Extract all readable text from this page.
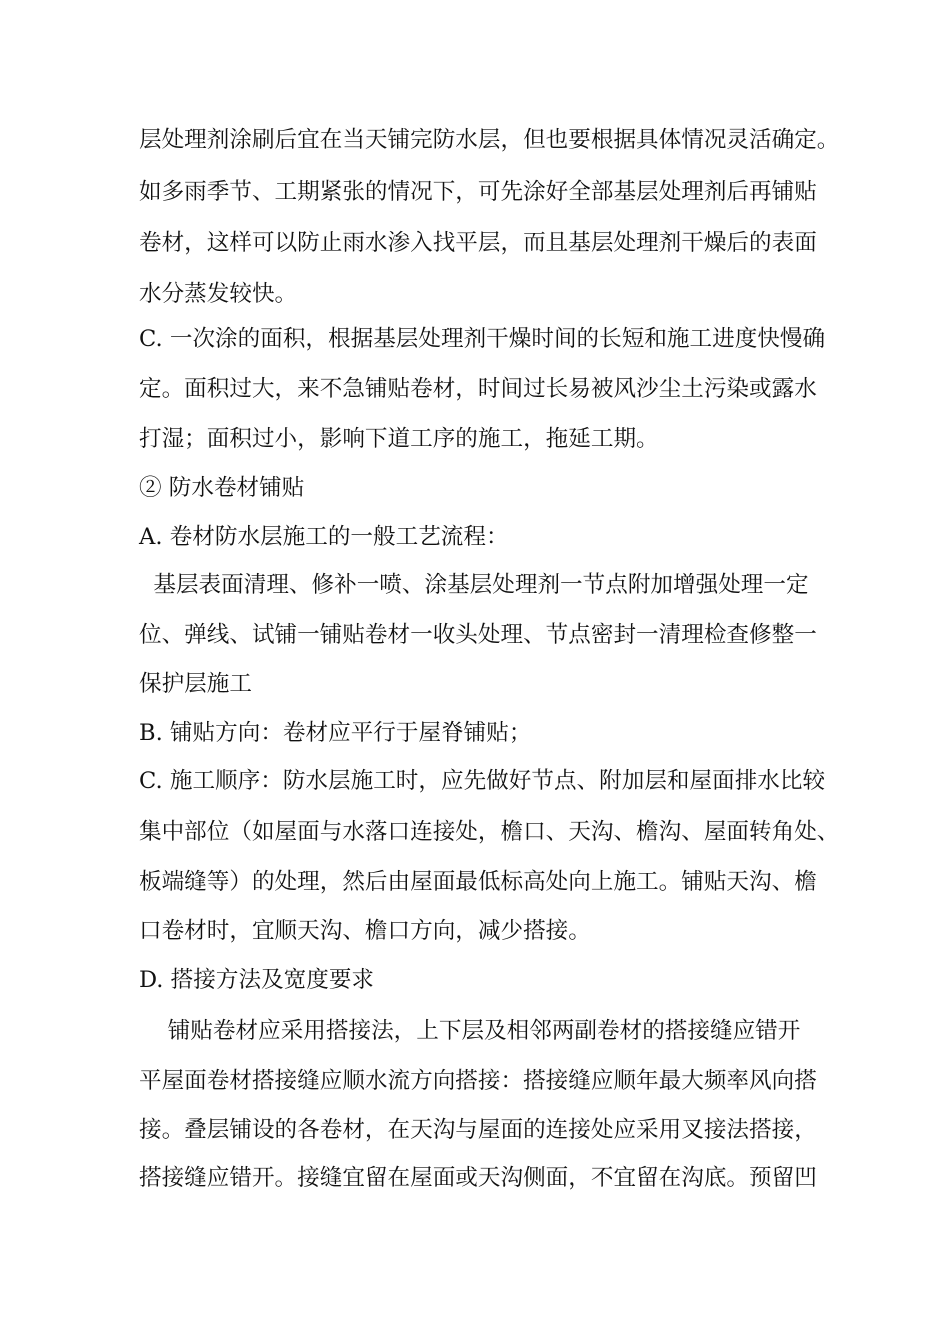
层处理剂涂刷后宜在当天铺完防水层，但也要根据具体情况灵活确定。
如多雨季节、工期紧张的情况下，可先涂好全部基层处理剂后再铺贴
卷材，这样可以防止雨水渗入找平层，而且基层处理剂干燥后的表面
水分蒸发较快。
C. 一次涂的面积，根据基层处理剂干燥时间的长短和施工进度快慢确
定。面积过大，来不急铺贴卷材，时间过长易被风沙尘土污染或露水
打湿；面积过小，影响下道工序的施工，拖延工期。
② 防水卷材铺贴
A. 卷材防水层施工的一般工艺流程：
基层表面清理、修补一喷、涂基层处理剂一节点附加增强处理一定
位、弹线、试铺一铺贴卷材一收头处理、节点密封一清理检查修整一
保护层施工
B. 铺贴方向：卷材应平行于屋脊铺贴；
C. 施工顺序：防水层施工时，应先做好节点、附加层和屋面排水比较
集中部位（如屋面与水落口连接处，檐口、天沟、檐沟、屋面转角处、
板端缝等）的处理，然后由屋面最低标高处向上施工。铺贴天沟、檐
口卷材时，宜顺天沟、檐口方向，减少搭接。
D. 搭接方法及宽度要求
铺贴卷材应采用搭接法，上下层及相邻两副卷材的搭接缝应错开
平屋面卷材搭接缝应顺水流方向搭接：搭接缝应顺年最大频率风向搭
接。叠层铺设的各卷材，在天沟与屋面的连接处应采用叉接法搭接，
搭接缝应错开。接缝宜留在屋面或天沟侧面，不宜留在沟底。预留凹
